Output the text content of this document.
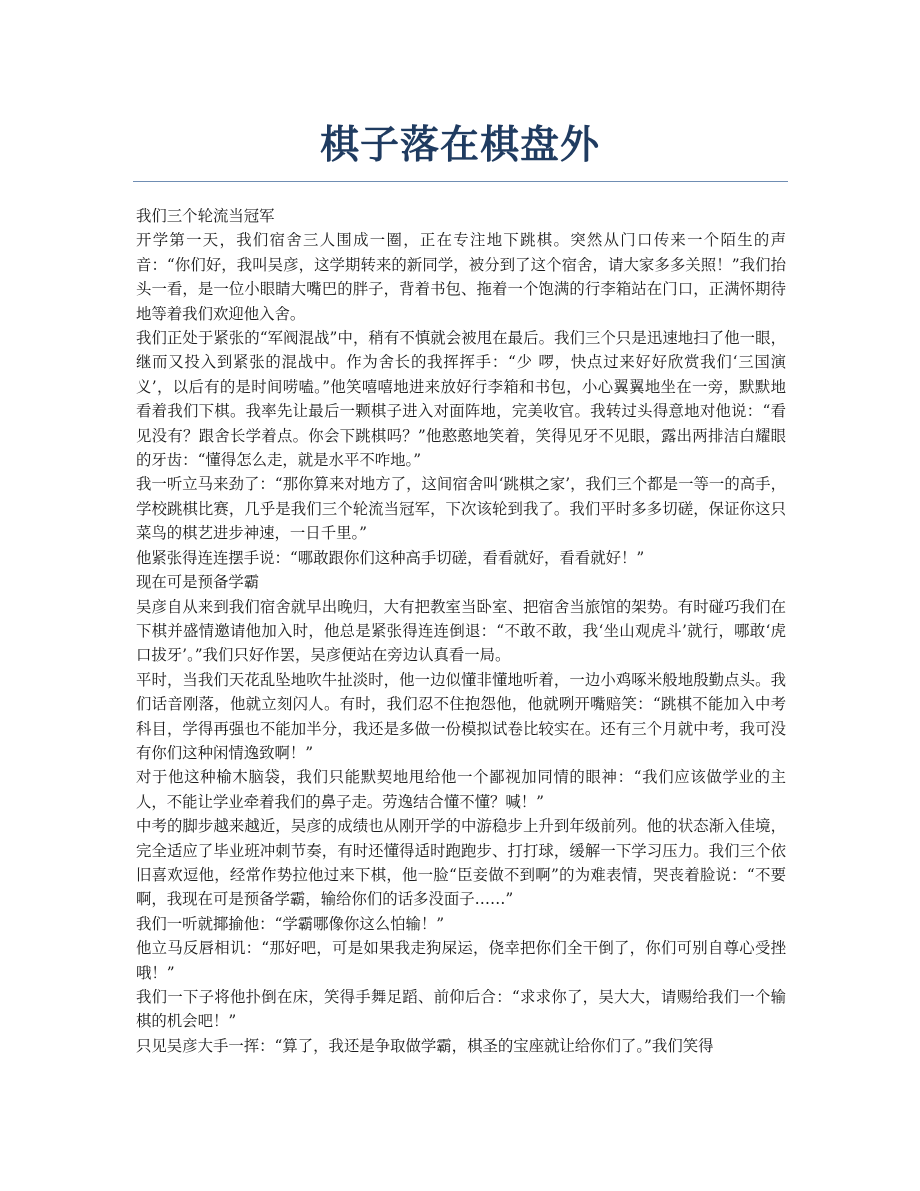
棋子落在棋盘外

我们三个轮流当冠军

开学第一天，我们宿舍三人围成一圈，正在专注地下跳棋。突然从门口传来一个陌生的声音：“你们好，我叫吴彦，这学期转来的新同学，被分到了这个宿舍，请大家多多关照！”我们抬头一看，是一位小眼睛大嘴巴的胖子，背着书包、拖着一个饱满的行李箱站在门口，正满怀期待地等着我们欢迎他入舍。

我们正处于紧张的“军阀混战”中，稍有不慎就会被甩在最后。我们三个只是迅速地扫了他一眼，继而又投入到紧张的混战中。作为舍长的我挥挥手：“少 啰，快点过来好好欣赏我们‘三国演义’，以后有的是时间唠嗑。”他笑嘻嘻地进来放好行李箱和书包，小心翼翼地坐在一旁，默默地看着我们下棋。我率先让最后一颗棋子进入对面阵地，完美收官。我转过头得意地对他说：“看见没有？跟舍长学着点。你会下跳棋吗？”他憨憨地笑着，笑得见牙不见眼，露出两排洁白耀眼的牙齿：“懂得怎么走，就是水平不咋地。”

我一听立马来劲了：“那你算来对地方了，这间宿舍叫‘跳棋之家’，我们三个都是一等一的高手，学校跳棋比赛，几乎是我们三个轮流当冠军，下次该轮到我了。我们平时多多切磋，保证你这只菜鸟的棋艺进步神速，一日千里。”

他紧张得连连摆手说：“哪敢跟你们这种高手切磋，看看就好，看看就好！”

现在可是预备学霸

吴彦自从来到我们宿舍就早出晚归，大有把教室当卧室、把宿舍当旅馆的架势。有时碰巧我们在下棋并盛情邀请他加入时，他总是紧张得连连倒退：“不敢不敢，我‘坐山观虎斗’就行，哪敢‘虎口拔牙’。”我们只好作罢，吴彦便站在旁边认真看一局。

平时，当我们天花乱坠地吹牛扯淡时，他一边似懂非懂地听着，一边小鸡啄米般地殷勤点头。我们话音刚落，他就立刻闪人。有时，我们忍不住抱怨他，他就咧开嘴赔笑：“跳棋不能加入中考科目，学得再强也不能加半分，我还是多做一份模拟试卷比较实在。还有三个月就中考，我可没有你们这种闲情逸致啊！”

对于他这种榆木脑袋，我们只能默契地甩给他一个鄙视加同情的眼神：“我们应该做学业的主人，不能让学业牵着我们的鼻子走。劳逸结合懂不懂？喊！”

中考的脚步越来越近，吴彦的成绩也从刚开学的中游稳步上升到年级前列。他的状态渐入佳境，完全适应了毕业班冲刺节奏，有时还懂得适时跑跑步、打打球，缓解一下学习压力。我们三个依旧喜欢逗他，经常作势拉他过来下棋，他一脸“臣妾做不到啊”的为难表情，哭丧着脸说：“不要啊，我现在可是预备学霸，输给你们的话多没面子……”

我们一听就揶揄他：“学霸哪像你这么怕输！”

他立马反唇相讥：“那好吧，可是如果我走狗屎运，侥幸把你们全干倒了，你们可别自尊心受挫哦！”

我们一下子将他扑倒在床，笑得手舞足蹈、前仰后合：“求求你了，吴大大，请赐给我们一个输棋的机会吧！”

只见吴彦大手一挥：“算了，我还是争取做学霸，棋圣的宝座就让给你们了。”我们笑得
